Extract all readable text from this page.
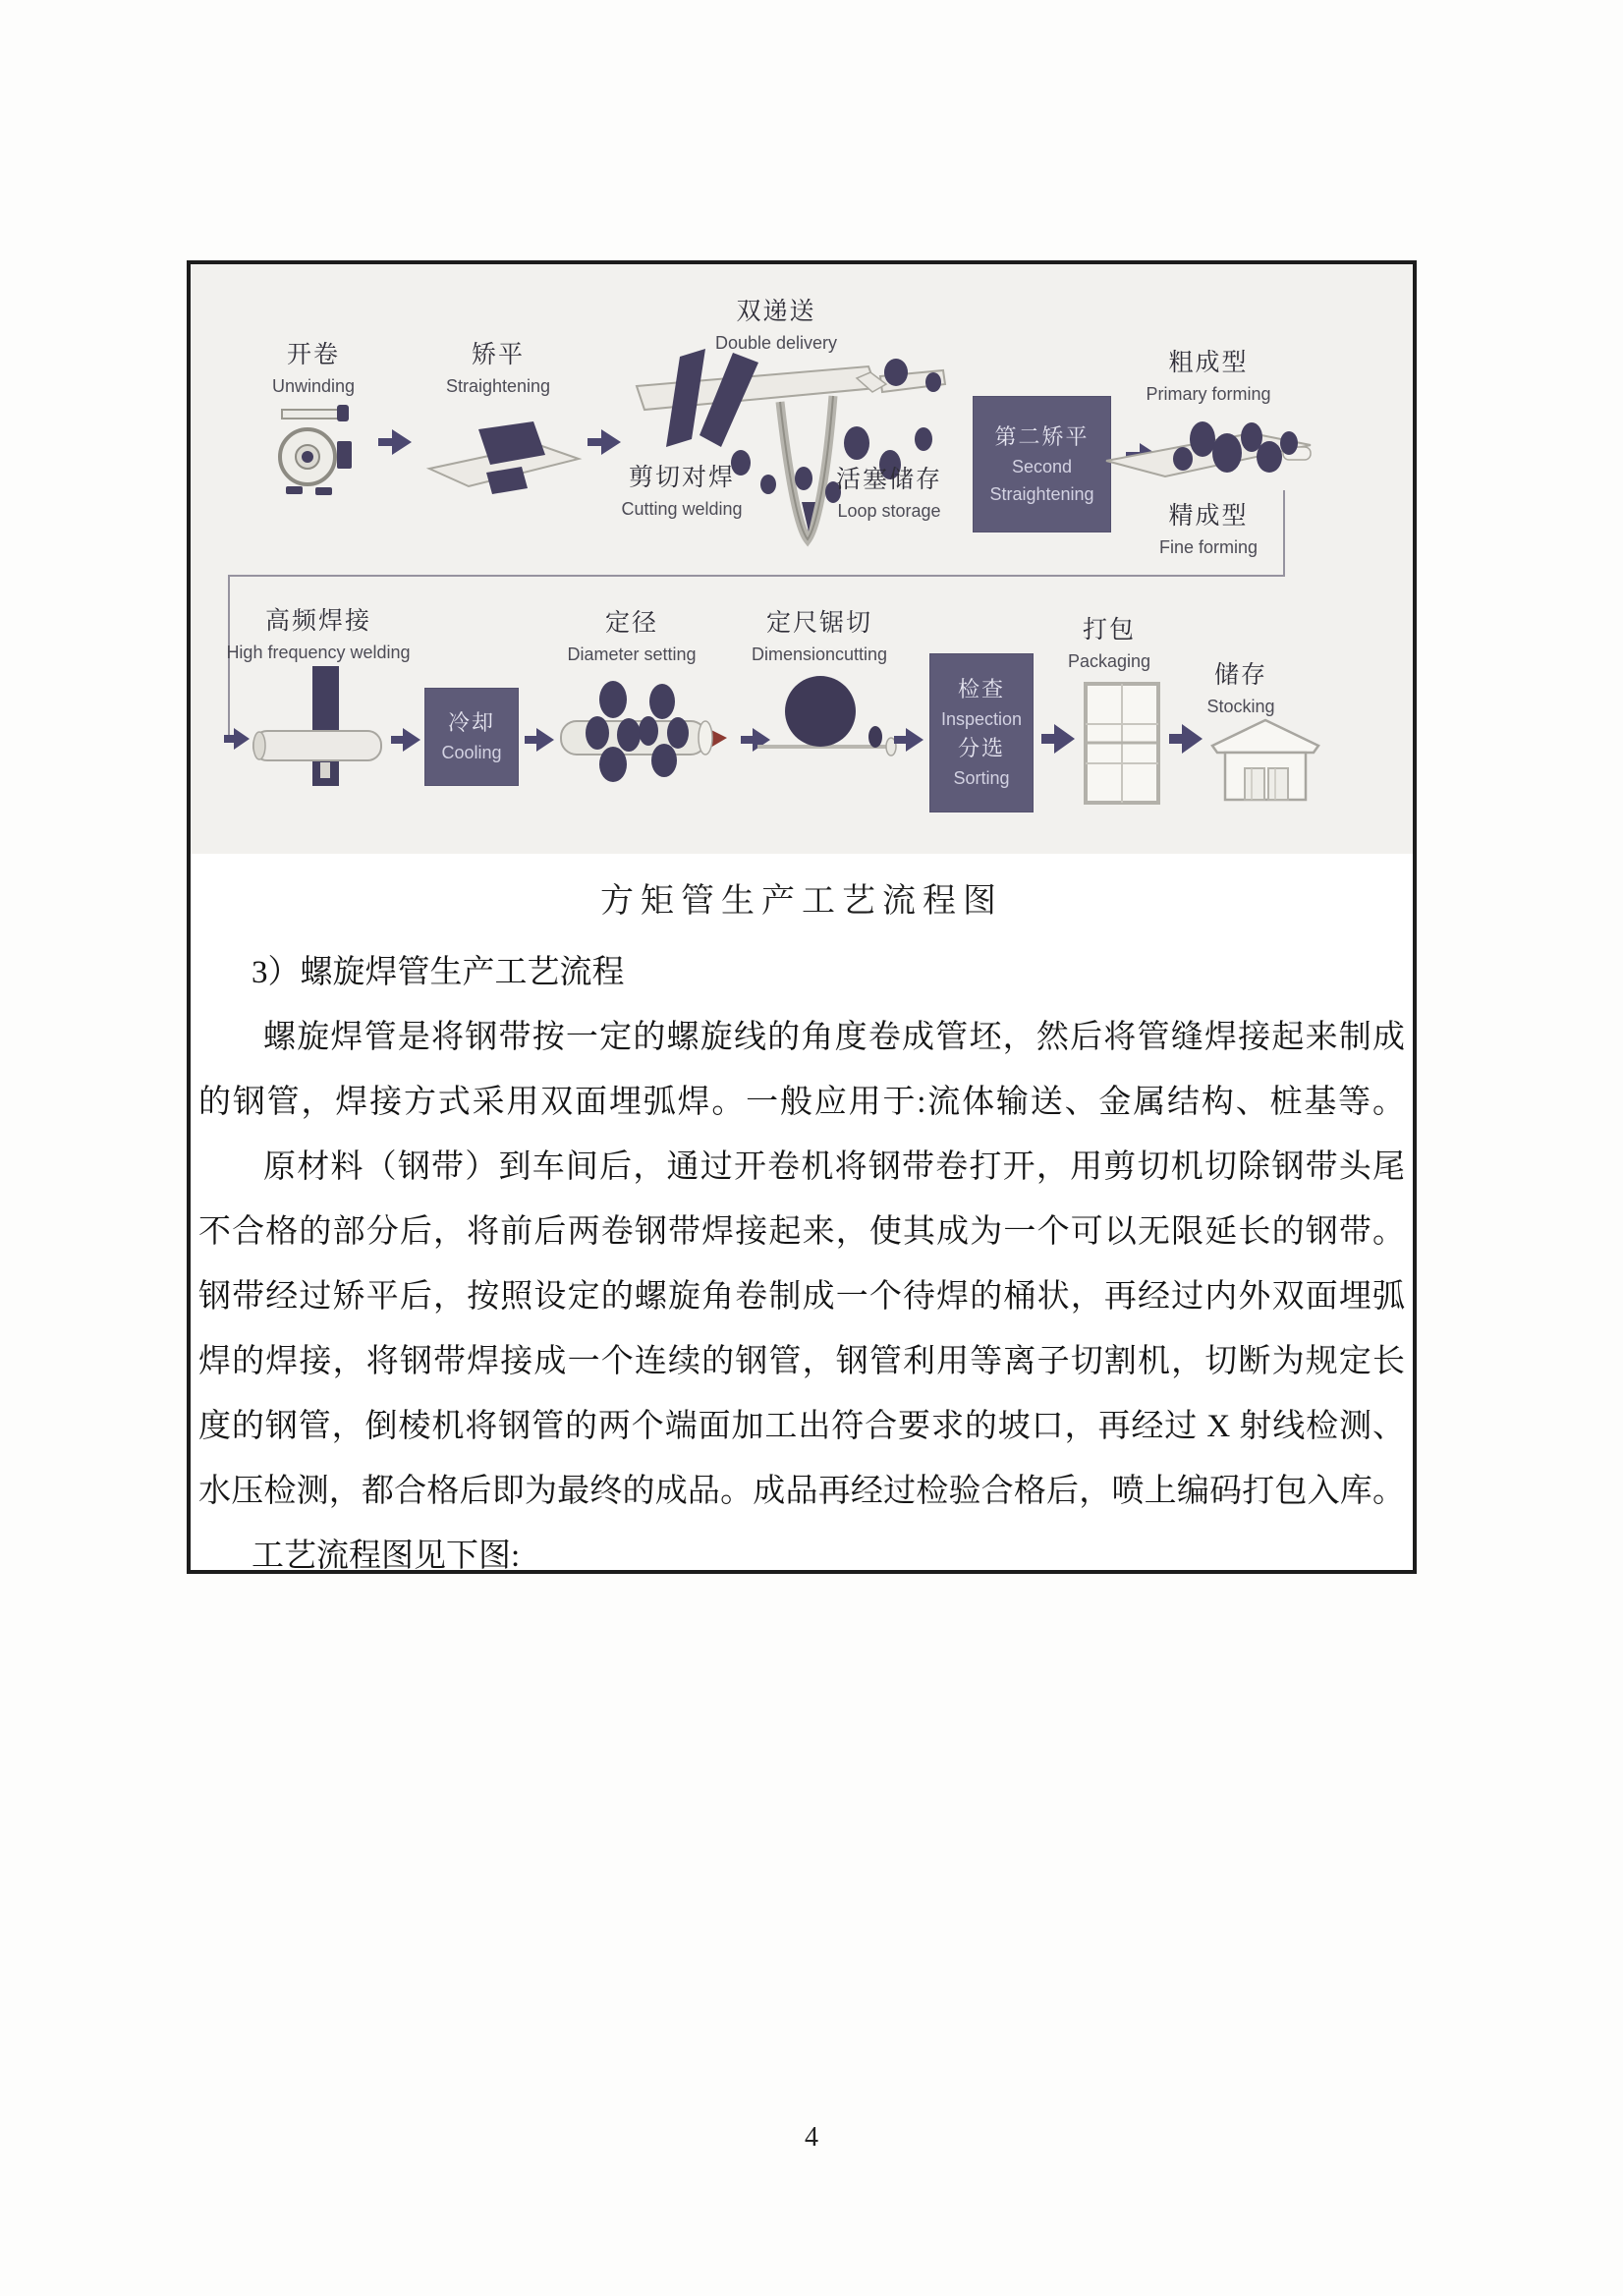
开卷
Unwinding
矫平
Straightening
双递送
Double delivery
剪切对焊
Cutting welding
活塞储存
Loop storage
第二矫平
Second
Straightening
粗成型
Primary forming
精成型
Fine forming
高频焊接
High frequency welding
冷却
Cooling
定径
Diameter setting
定尺锯切
Dimensioncutting
检查
Inspection
分选
Sorting
打包
Packaging	储存
Stocking
方矩管生产工艺流程图
3）螺旋焊管生产工艺流程
螺旋焊管是将钢带按一定的螺旋线的角度卷成管坯，然后将管缝焊接起来制成
的钢管，焊接方式采用双面埋弧焊。一般应用于:流体输送、金属结构、桩基等。
原材料（钢带）到车间后，通过开卷机将钢带卷打开，用剪切机切除钢带头尾
不合格的部分后，将前后两卷钢带焊接起来，使其成为一个可以无限延长的钢带。
钢带经过矫平后，按照设定的螺旋角卷制成一个待焊的桶状，再经过内外双面埋弧
焊的焊接，将钢带焊接成一个连续的钢管，钢管利用等离子切割机，切断为规定长
度的钢管，倒棱机将钢管的两个端面加工出符合要求的坡口，再经过 X 射线检测、
水压检测，都合格后即为最终的成品。成品再经过检验合格后，喷上编码打包入库。
工艺流程图见下图:
4
